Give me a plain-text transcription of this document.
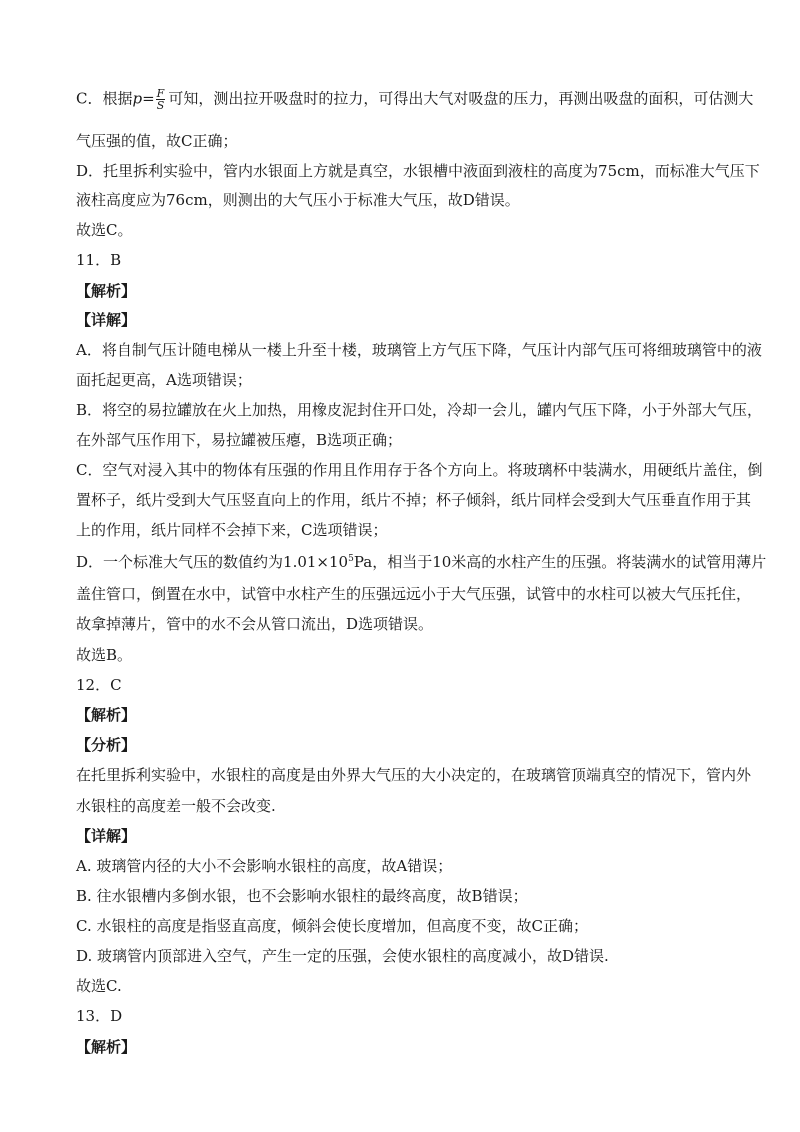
C．根据$p= \frac{F}{S}$ 可知，测出拉开吸盘时的拉力，可得出大气对吸盘的压力，再测出吸盘的面积，可估测大
气压强的值，故C正确；
D．托里拆利实验中，管内水银面上方就是真空，水银槽中液面到液柱的高度为75cm，而标准大气压下
液柱高度应为76cm，则测出的大气压小于标准大气压，故D错误。
故选C。
11．B
【解析】
【详解】
A．将自制气压计随电梯从一楼上升至十楼，玻璃管上方气压下降，气压计内部气压可将细玻璃管中的液
面托起更高，A选项错误；
B．将空的易拉罐放在火上加热，用橡皮泥封住开口处，冷却一会儿，罐内气压下降，小于外部大气压，
在外部气压作用下，易拉罐被压瘪，B选项正确；
C．空气对浸入其中的物体有压强的作用且作用存于各个方向上。将玻璃杯中装满水，用硬纸片盖住，倒
置杯子，纸片受到大气压竖直向上的作用，纸片不掉；杯子倾斜，纸片同样会受到大气压垂直作用于其
上的作用，纸片同样不会掉下来，C选项错误；
D．一个标准大气压的数值约为$1.01\times 10^5Pa$，相当于10米高的水柱产生的压强。将装满水的试管用薄片
盖住管口，倒置在水中，试管中水柱产生的压强远远小于大气压强，试管中的水柱可以被大气压托住，
故拿掉薄片，管中的水不会从管口流出，D选项错误。
故选B。
12．C
【解析】
【分析】
在托里拆利实验中，水银柱的高度是由外界大气压的大小决定的，在玻璃管顶端真空的情况下，管内外
水银柱的高度差一般不会改变.
【详解】
A. 玻璃管内径的大小不会影响水银柱的高度，故A错误；
B. 往水银槽内多倒水银，也不会影响水银柱的最终高度，故B错误；
C. 水银柱的高度是指竖直高度，倾斜会使长度增加，但高度不变，故C正确；
D. 玻璃管内顶部进入空气，产生一定的压强，会使水银柱的高度减小，故D错误.
故选C.
13．D
【解析】
